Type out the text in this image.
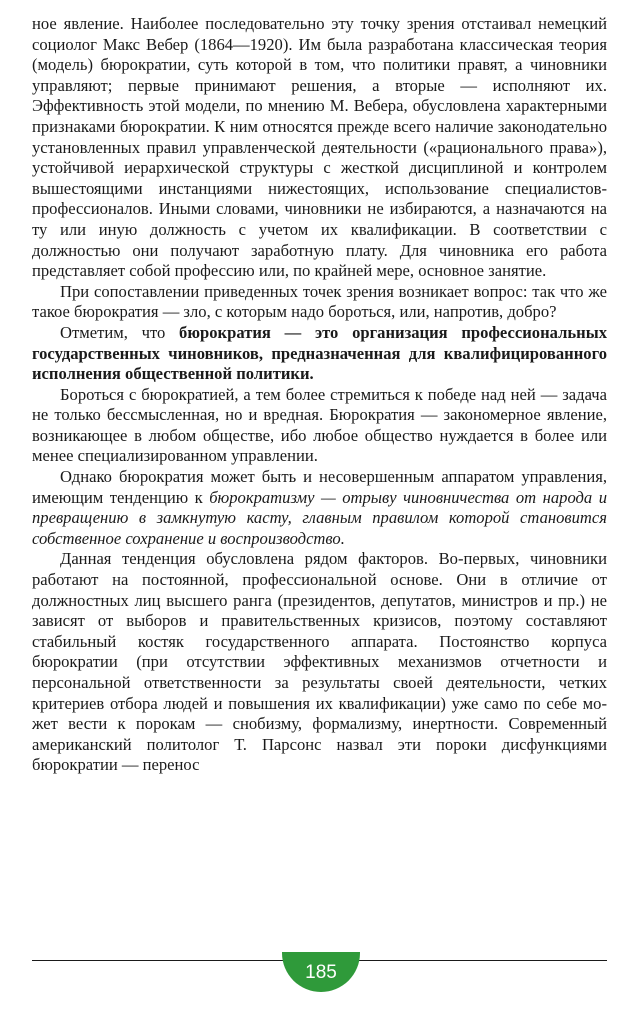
ное явление. Наиболее последовательно эту точку зрения отстаивал немецкий социолог Макс Вебер (1864—1920). Им была разработана классическая теория (модель) бюрократии, суть которой в том, что политики правят, а чиновники управляют; первые принимают решения, а вторые — исполняют их. Эффективность этой модели, по мнению М. Вебера, обусловлена характерными признаками бюрократии. К ним относятся прежде всего наличие законодательно установленных правил управленческой деятельности («рационального права»), устойчивой иерархической структуры с жесткой дисциплиной и контролем вышестоящими инстанциями нижестоящих, использование специалистов-профессионалов. Иными словами, чиновники не избираются, а назначаются на ту или иную должность с учетом их квалификации. В соответствии с должностью они получают заработную плату. Для чиновника его работа представляет собой профессию или, по крайней мере, основное занятие.

При сопоставлении приведенных точек зрения возникает вопрос: так что же такое бюрократия — зло, с которым надо бороться, или, напротив, добро?

Отметим, что бюрократия — это организация профессиональных государственных чиновников, предназначенная для квалифицированного исполнения общественной политики.

Бороться с бюрократией, а тем более стремиться к победе над ней — задача не только бессмысленная, но и вредная. Бюрократия — закономерное явление, возникающее в любом обществе, ибо любое общество нуждается в более или менее специализированном управлении.

Однако бюрократия может быть и несовершенным аппаратом управления, имеющим тенденцию к бюрократизму — отрыву чиновничества от народа и превращению в замкнутую касту, главным правилом которой становится собственное сохранение и воспроизводство.

Данная тенденция обусловлена рядом факторов. Во-первых, чиновники работают на постоянной, профессиональной основе. Они в отличие от должностных лиц высшего ранга (президентов, депутатов, министров и пр.) не зависят от выборов и правительственных кризисов, поэтому составляют стабильный костяк государственного аппарата. Постоянство корпуса бюрократии (при отсутствии эффективных механизмов отчетности и персональной ответственности за результаты своей деятельности, четких критериев отбора людей и повышения их квалификации) уже само по себе может вести к порокам — снобизму, формализму, инертности. Современный американский политолог Т. Парсонс назвал эти пороки дисфункциями бюрократии — перенос

185
